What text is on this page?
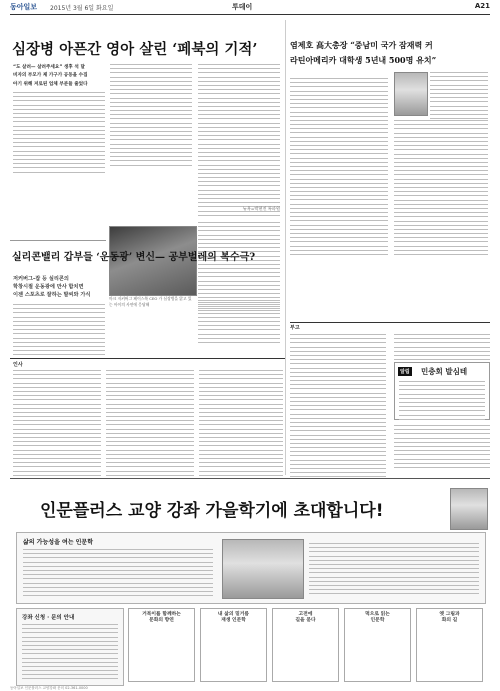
동아일보 2015년 3월 6일 화요일	투데이	A21
심장병 아픈간 영아 살린 ‘페북의 기적’
“도 살려— 살려주세요” 생후 석 달
비자의 부모가 제 가구가 공동을 수집
아기 위해 저로된 업체 부분들 줄었다
뉴욕=박현진 특파원
마크 저커버그 페이스북 CEO 가 심장병을 앓고 있는 아이의 사연에 응답해
염제호 高大총장 “중남미 국가 잠재력 커
라틴아메리카 대학생 5년내 500명 유치”
실리콘밸리 갑부들 ‘운동광’ 변신— 공부벌레의 복수극?
저커버그-잡 등 실리콘의
학창시절 운동광에 만사 합치면
이젠 스포츠로 잘하는 말씨와 가식
인사
부고
알림 민충회 발심테
인문플러스 교양 강좌 가을학기에 초대합니다!
삶의 가능성을 여는 인문학
강좌 신청 · 문의 안내
거북이를 함께하는
문화의 향연
내 삶의 밑거름
재생 인문학
고전에
길을 묻다
먹으로 읽는
인문학
옛 그림과
화의 길
동아일보 인문플러스 교양강좌 문의 02-361-0000
